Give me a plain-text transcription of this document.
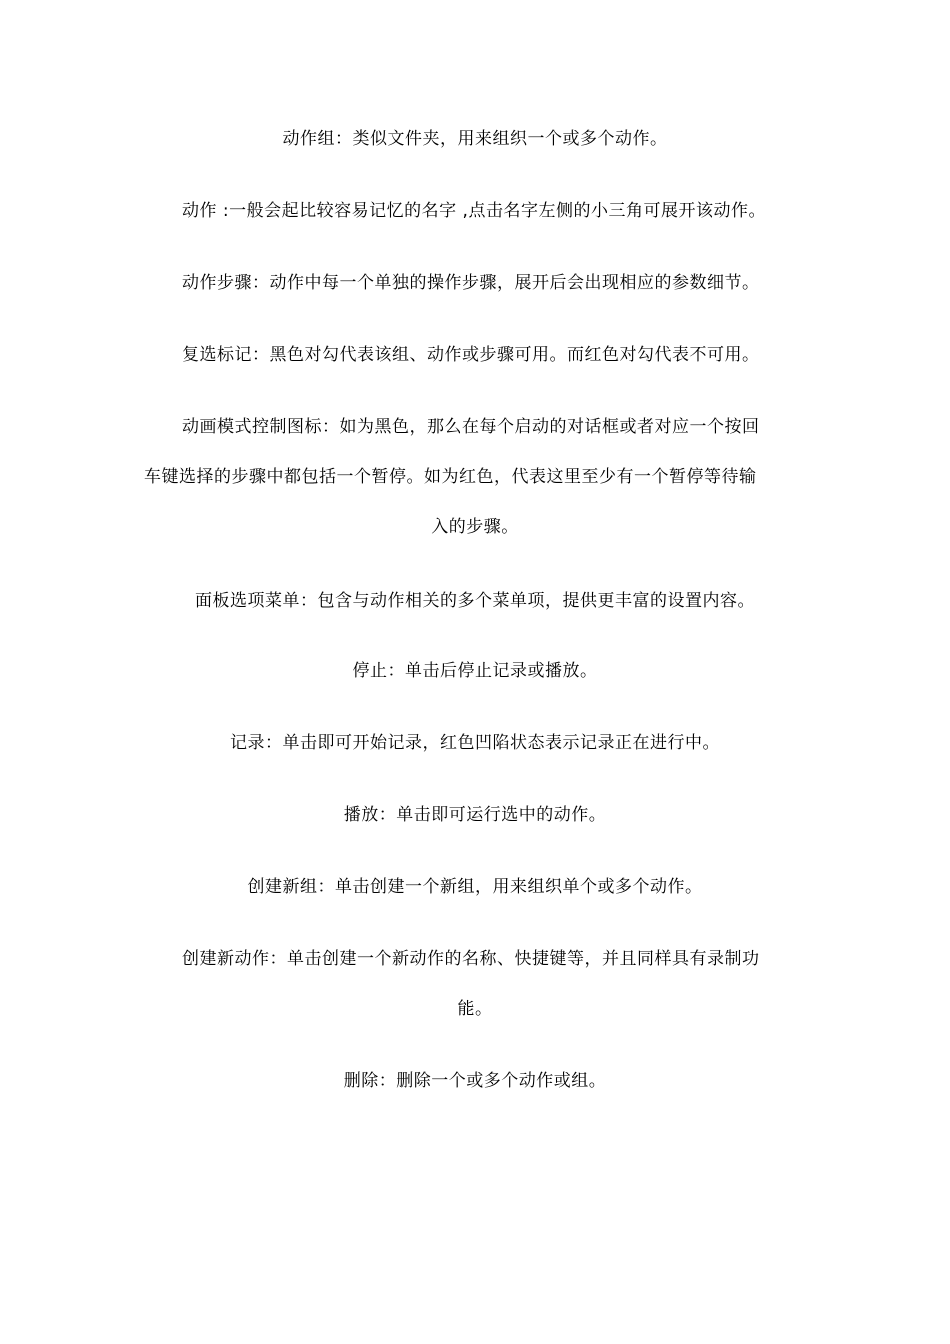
动作组：类似文件夹，用来组织一个或多个动作。
动作 :一般会起比较容易记忆的名字 ,点击名字左侧的小三角可展开该动作。
动作步骤：动作中每一个单独的操作步骤，展开后会出现相应的参数细节。
复选标记：黑色对勾代表该组、动作或步骤可用。而红色对勾代表不可用。
动画模式控制图标：如为黑色，那么在每个启动的对话框或者对应一个按回
车键选择的步骤中都包括一个暂停。如为红色，代表这里至少有一个暂停等待输
入的步骤。
面板选项菜单：包含与动作相关的多个菜单项，提供更丰富的设置内容。
停止：单击后停止记录或播放。
记录：单击即可开始记录，红色凹陷状态表示记录正在进行中。
播放：单击即可运行选中的动作。
创建新组：单击创建一个新组，用来组织单个或多个动作。
创建新动作：单击创建一个新动作的名称、快捷键等，并且同样具有录制功
能。
删除：删除一个或多个动作或组。
